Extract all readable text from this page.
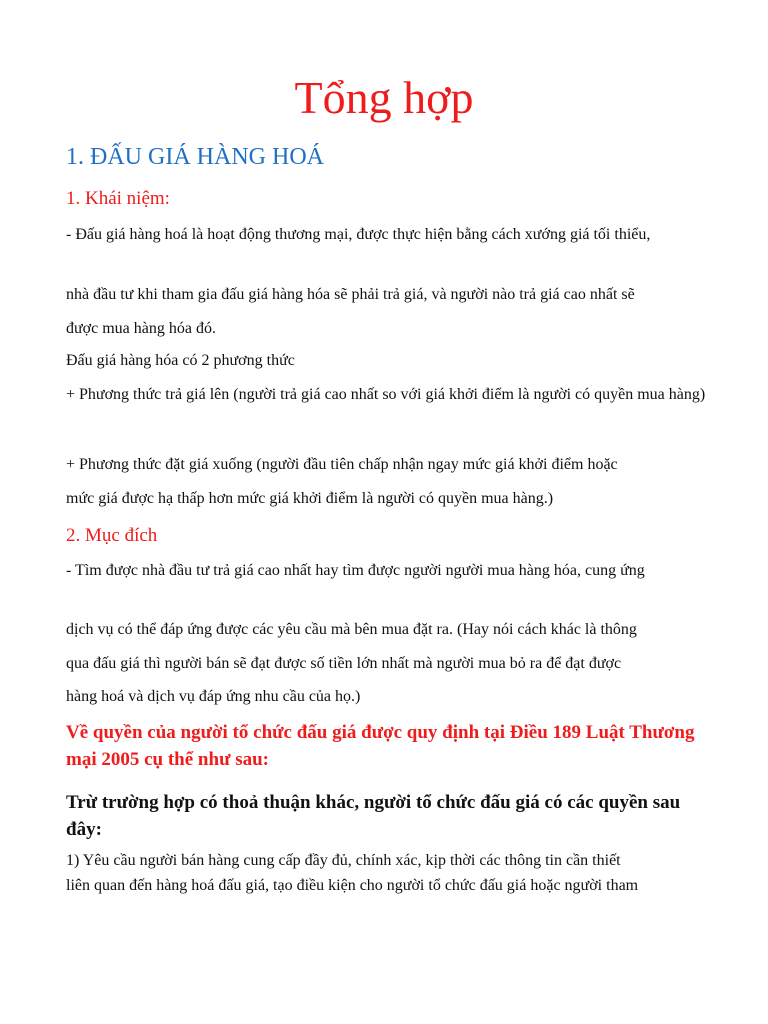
Tổng hợp
1. ĐẤU GIÁ HÀNG HOÁ
1. Khái niệm:

- Đấu giá hàng hoá là hoạt động thương mại, được thực hiện bằng cách xướng giá tối thiểu,

nhà đầu tư khi tham gia đấu giá hàng hóa sẽ phải trả giá, và người nào trả giá cao nhất sẽ

được mua hàng hóa đó.

Đấu giá hàng hóa có 2 phương thức

+ Phương thức trả giá lên (người trả giá cao nhất so với giá khởi điểm là người có quyền mua hàng)

+ Phương thức đặt giá xuống (người đầu tiên chấp nhận ngay mức giá khởi điểm hoặc

mức giá được hạ thấp hơn mức giá khởi điểm là người có quyền mua hàng.)

2. Mục đích

- Tìm được nhà đầu tư trả giá cao nhất hay tìm được người người mua hàng hóa, cung ứng

dịch vụ có thể đáp ứng được các yêu cầu mà bên mua đặt ra. (Hay nói cách khác là thông

qua đấu giá thì người bán sẽ đạt được số tiền lớn nhất mà người mua bỏ ra để đạt được

hàng hoá và dịch vụ đáp ứng nhu cầu của họ.)

Về quyền của người tổ chức đấu giá được quy định tại Điều 189 Luật Thương mại 2005 cụ thể như sau:

Trừ trường hợp có thoả thuận khác, người tổ chức đấu giá có các quyền sau đây:

1) Yêu cầu người bán hàng cung cấp đầy đủ, chính xác, kịp thời các thông tin cần thiết

liên quan đến hàng hoá đấu giá, tạo điều kiện cho người tổ chức đấu giá hoặc người tham
